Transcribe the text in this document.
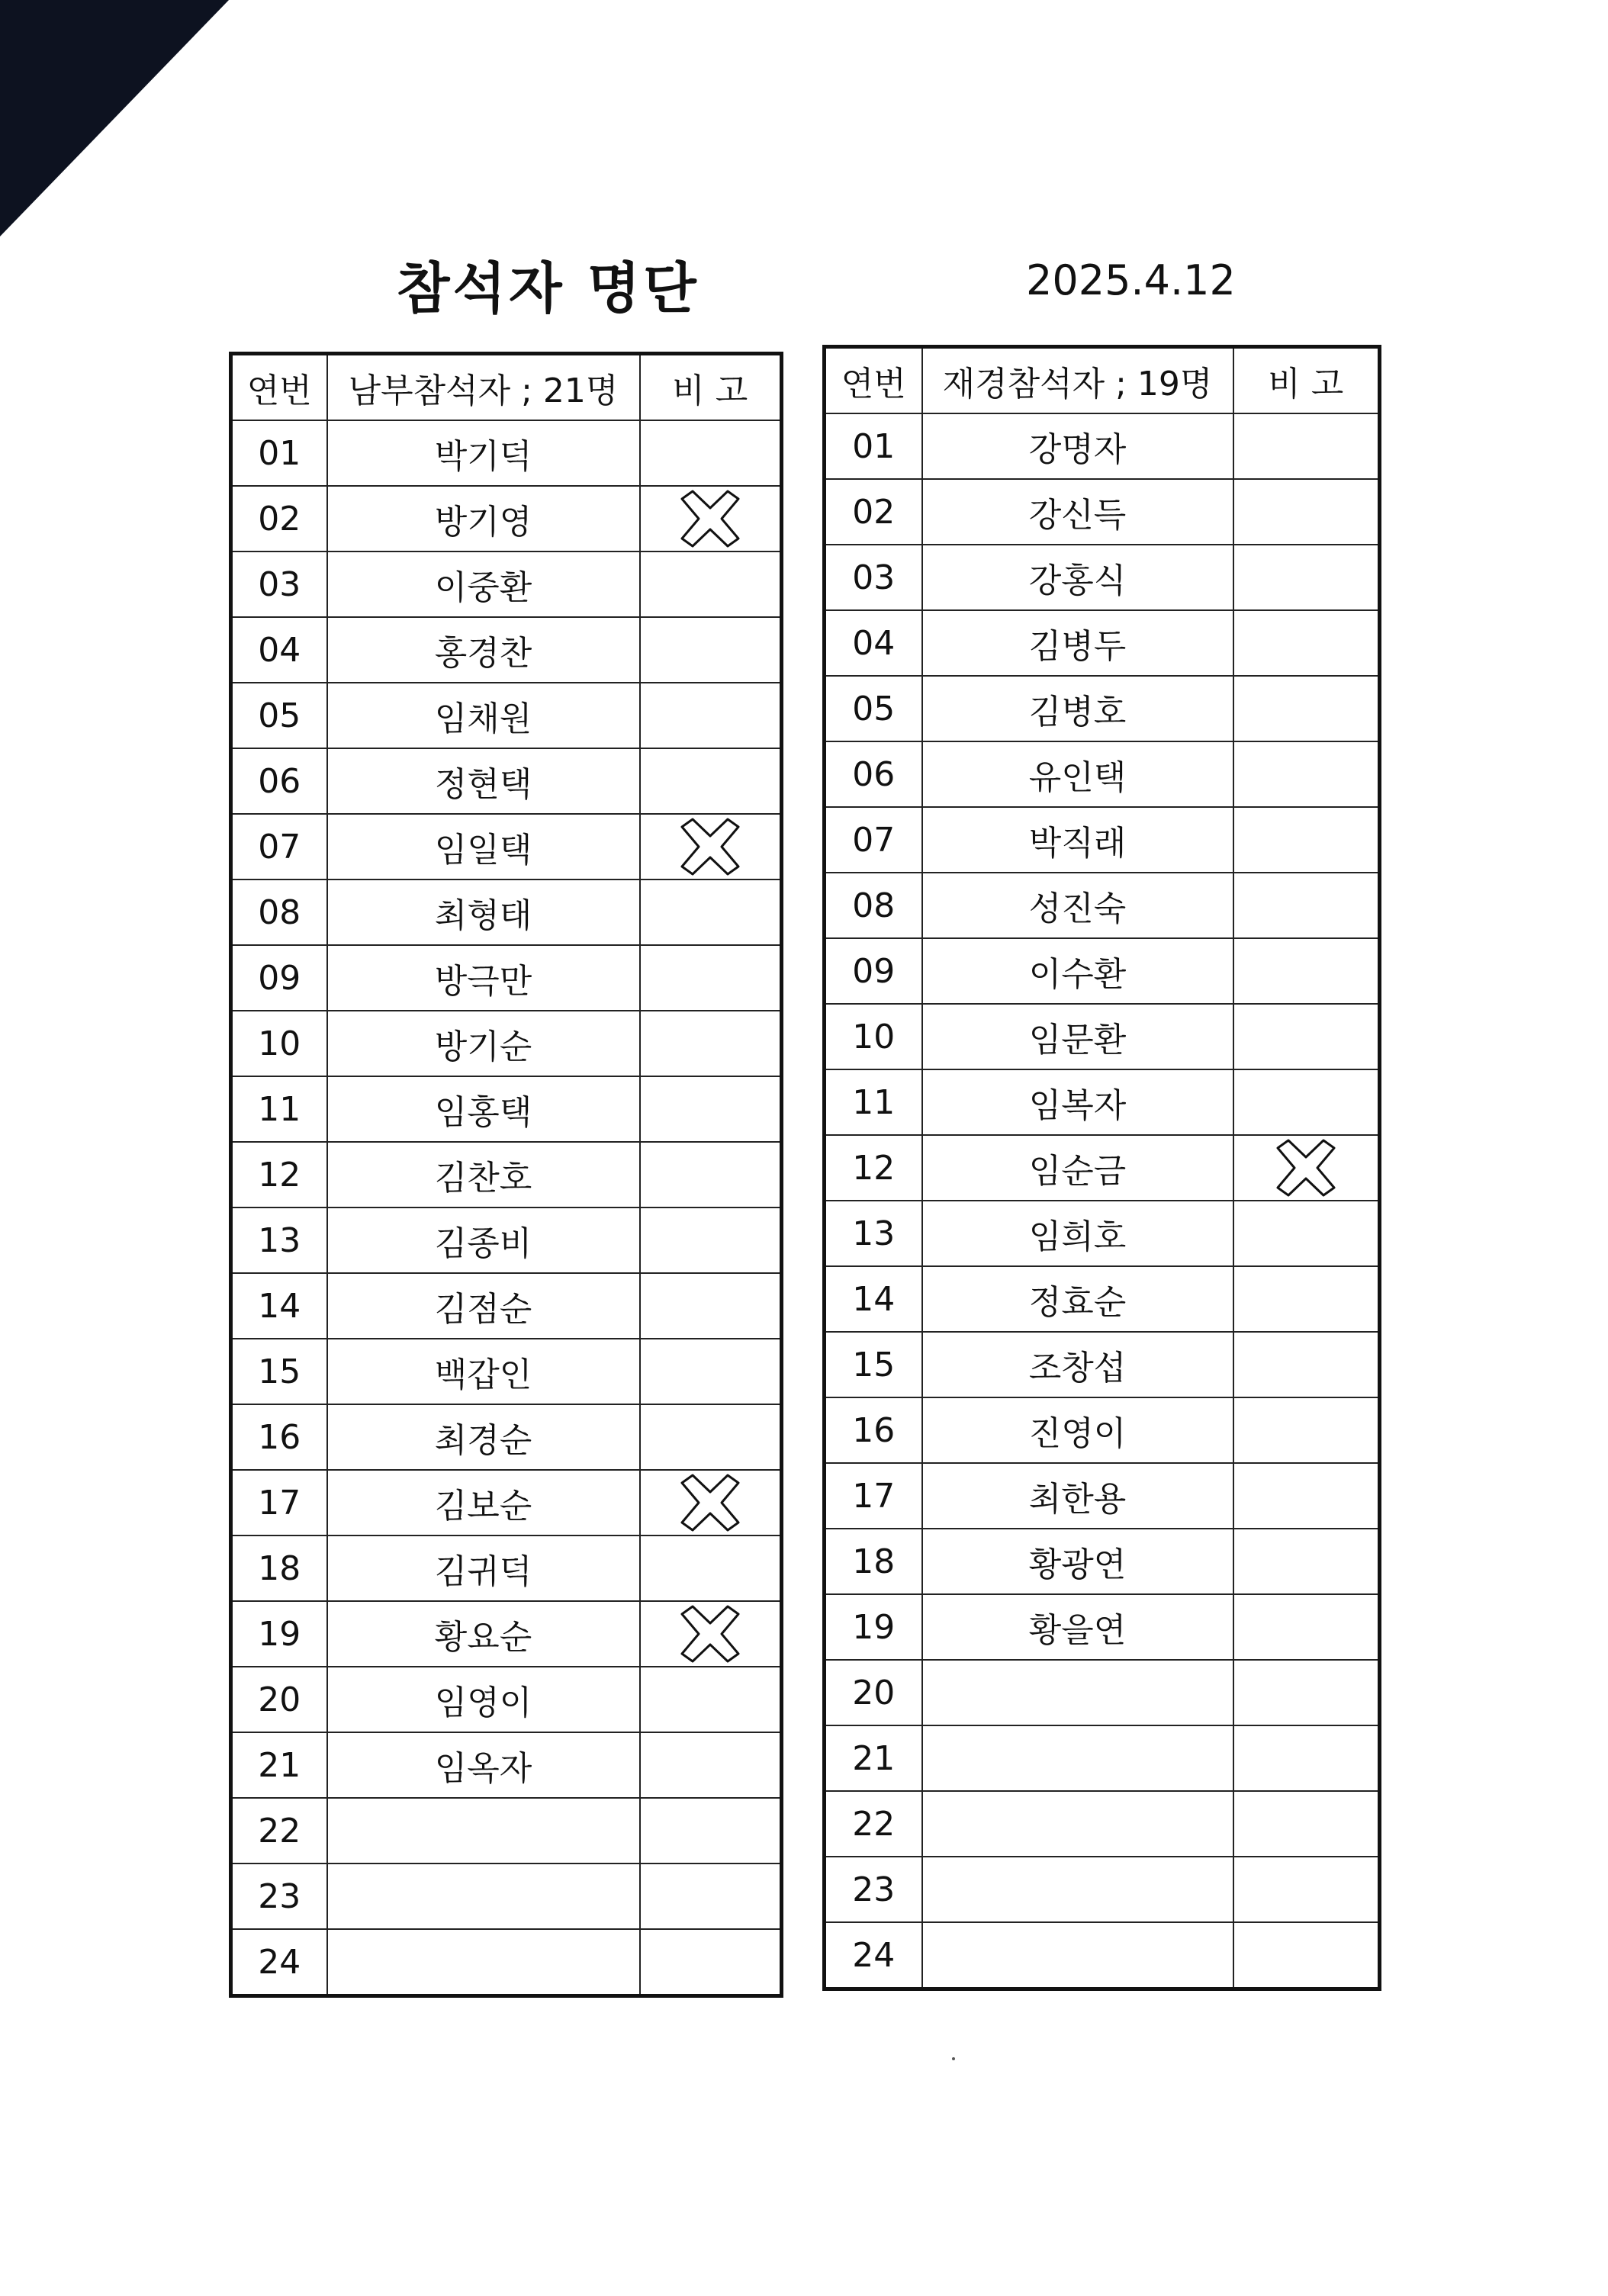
참석자 명단	2025.4.12
연번	남부참석자 ; 21명	비 고
01	박기덕	
02	방기영	

03	이중환	
04	홍경찬	
05	임채원	
06	정현택	
07	임일택	

08	최형태	
09	방극만	
10	방기순	
11	임홍택	
12	김찬호	
13	김종비	
14	김점순	
15	백갑인	
16	최경순	
17	김보순	

18	김귀덕	
19	황요순	

20	임영이	
21	임옥자	
22		
23		
24		
연번	재경참석자 ; 19명	비 고
01	강명자	
02	강신득	
03	강홍식	
04	김병두	
05	김병호	
06	유인택	
07	박직래	
08	성진숙	
09	이수환	
10	임문환	
11	임복자	
12	임순금	

13	임희호	
14	정효순	
15	조창섭	
16	진영이	
17	최한용	
18	황광연	
19	황을연	
20		
21		
22		
23		
24		
